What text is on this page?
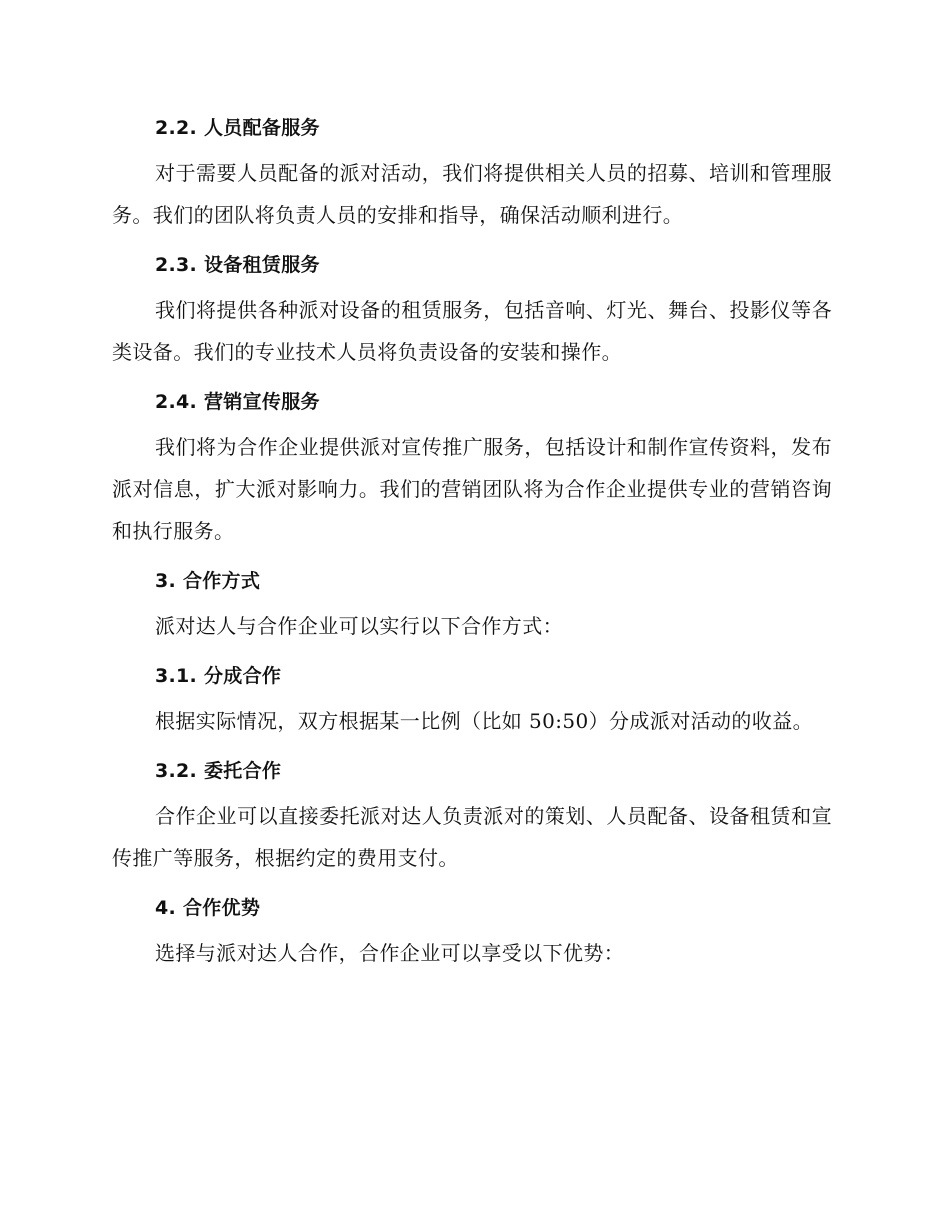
2.2. 人员配备服务

对于需要人员配备的派对活动，我们将提供相关人员的招募、培训和管理服务。我们的团队将负责人员的安排和指导，确保活动顺利进行。

2.3. 设备租赁服务

我们将提供各种派对设备的租赁服务，包括音响、灯光、舞台、投影仪等各类设备。我们的专业技术人员将负责设备的安装和操作。

2.4. 营销宣传服务

我们将为合作企业提供派对宣传推广服务，包括设计和制作宣传资料，发布派对信息，扩大派对影响力。我们的营销团队将为合作企业提供专业的营销咨询和执行服务。

3. 合作方式

派对达人与合作企业可以实行以下合作方式：

3.1. 分成合作

根据实际情况，双方根据某一比例（比如 50:50）分成派对活动的收益。

3.2. 委托合作

合作企业可以直接委托派对达人负责派对的策划、人员配备、设备租赁和宣传推广等服务，根据约定的费用支付。

4. 合作优势

选择与派对达人合作，合作企业可以享受以下优势：
